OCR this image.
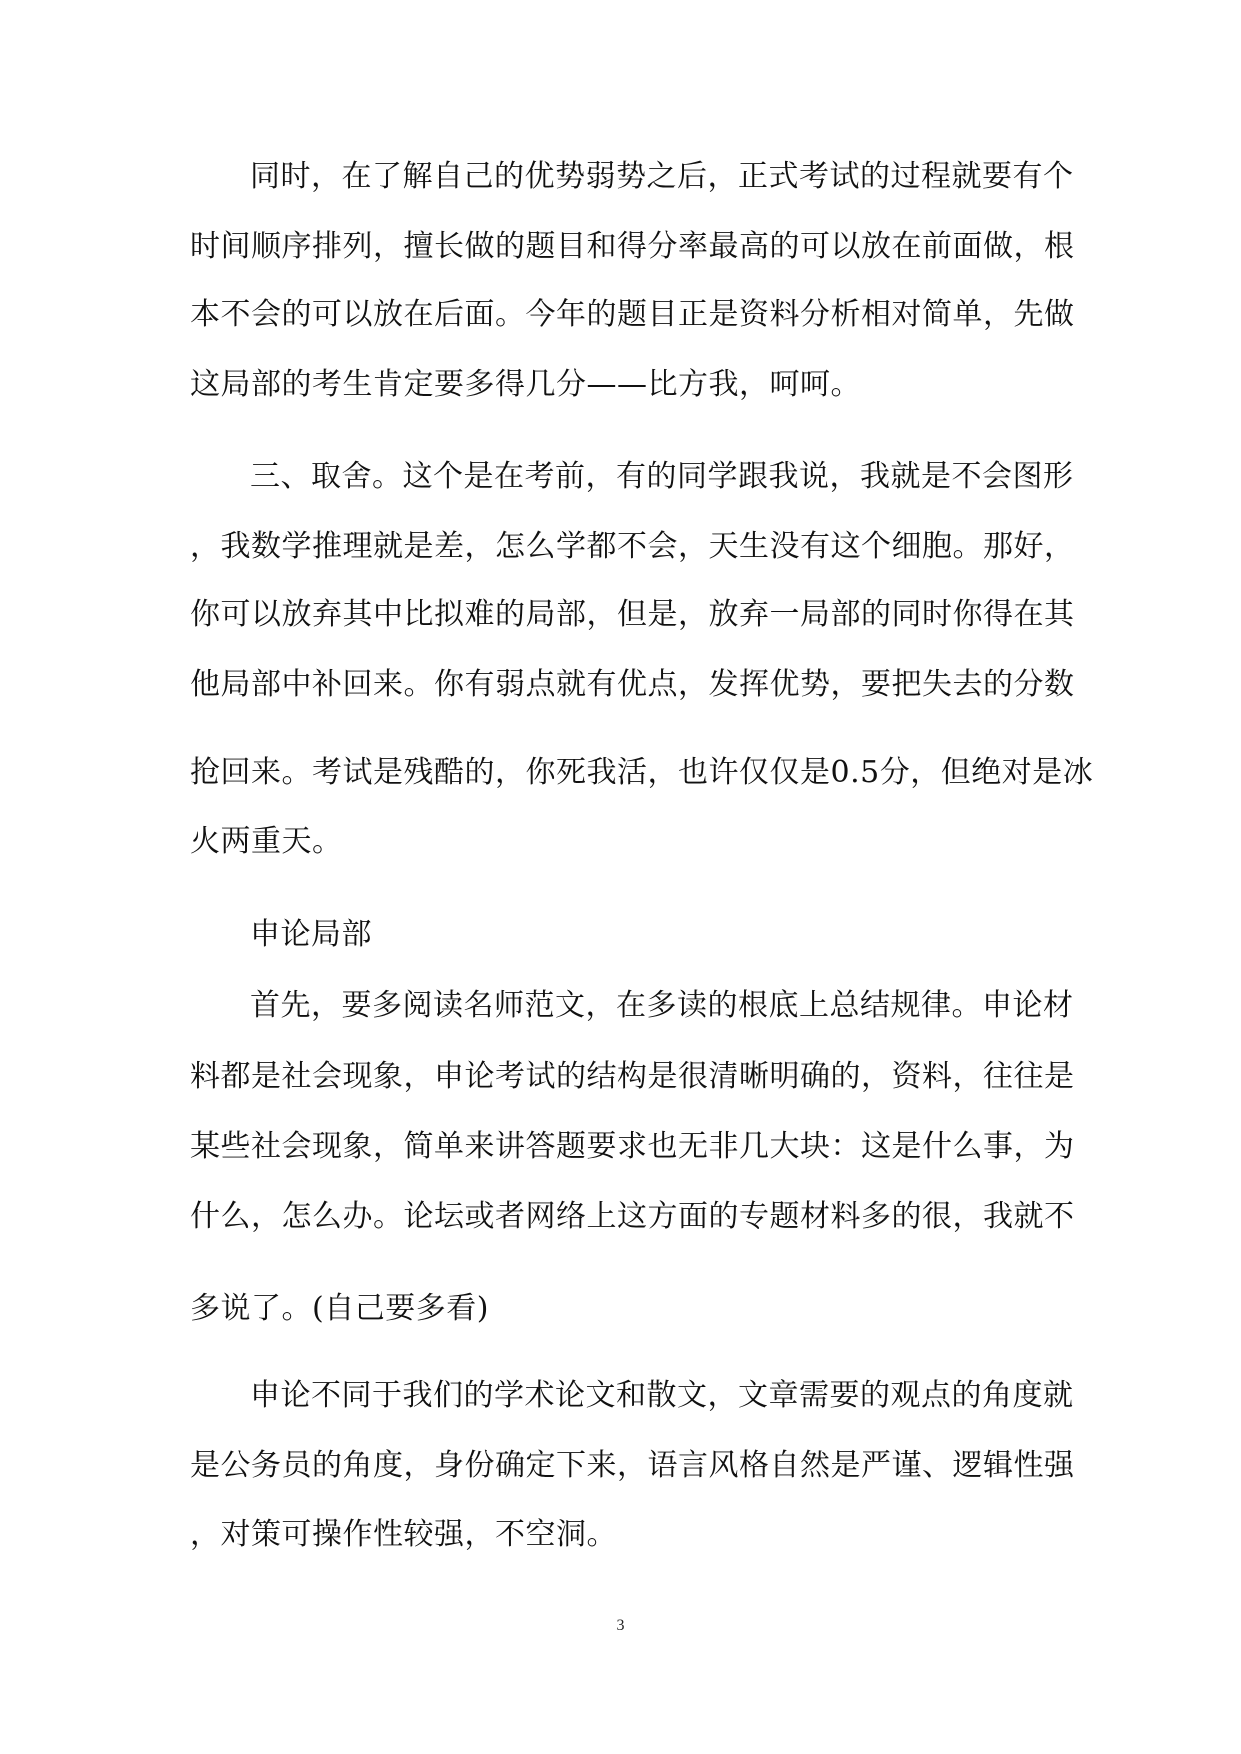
同时，在了解自己的优势弱势之后，正式考试的过程就要有个
时间顺序排列，擅长做的题目和得分率最高的可以放在前面做，根
本不会的可以放在后面。今年的题目正是资料分析相对简单，先做
这局部的考生肯定要多得几分——比方我，呵呵。
三、取舍。这个是在考前，有的同学跟我说，我就是不会图形
，我数学推理就是差，怎么学都不会，天生没有这个细胞。那好，
你可以放弃其中比拟难的局部，但是，放弃一局部的同时你得在其
他局部中补回来。你有弱点就有优点，发挥优势，要把失去的分数
抢回来。考试是残酷的，你死我活，也许仅仅是0.5分，但绝对是冰
火两重天。
申论局部
首先，要多阅读名师范文，在多读的根底上总结规律。申论材
料都是社会现象，申论考试的结构是很清晰明确的，资料，往往是
某些社会现象，简单来讲答题要求也无非几大块：这是什么事，为
什么，怎么办。论坛或者网络上这方面的专题材料多的很，我就不
多说了。(自己要多看)
申论不同于我们的学术论文和散文，文章需要的观点的角度就
是公务员的角度，身份确定下来，语言风格自然是严谨、逻辑性强
，对策可操作性较强，不空洞。
3
